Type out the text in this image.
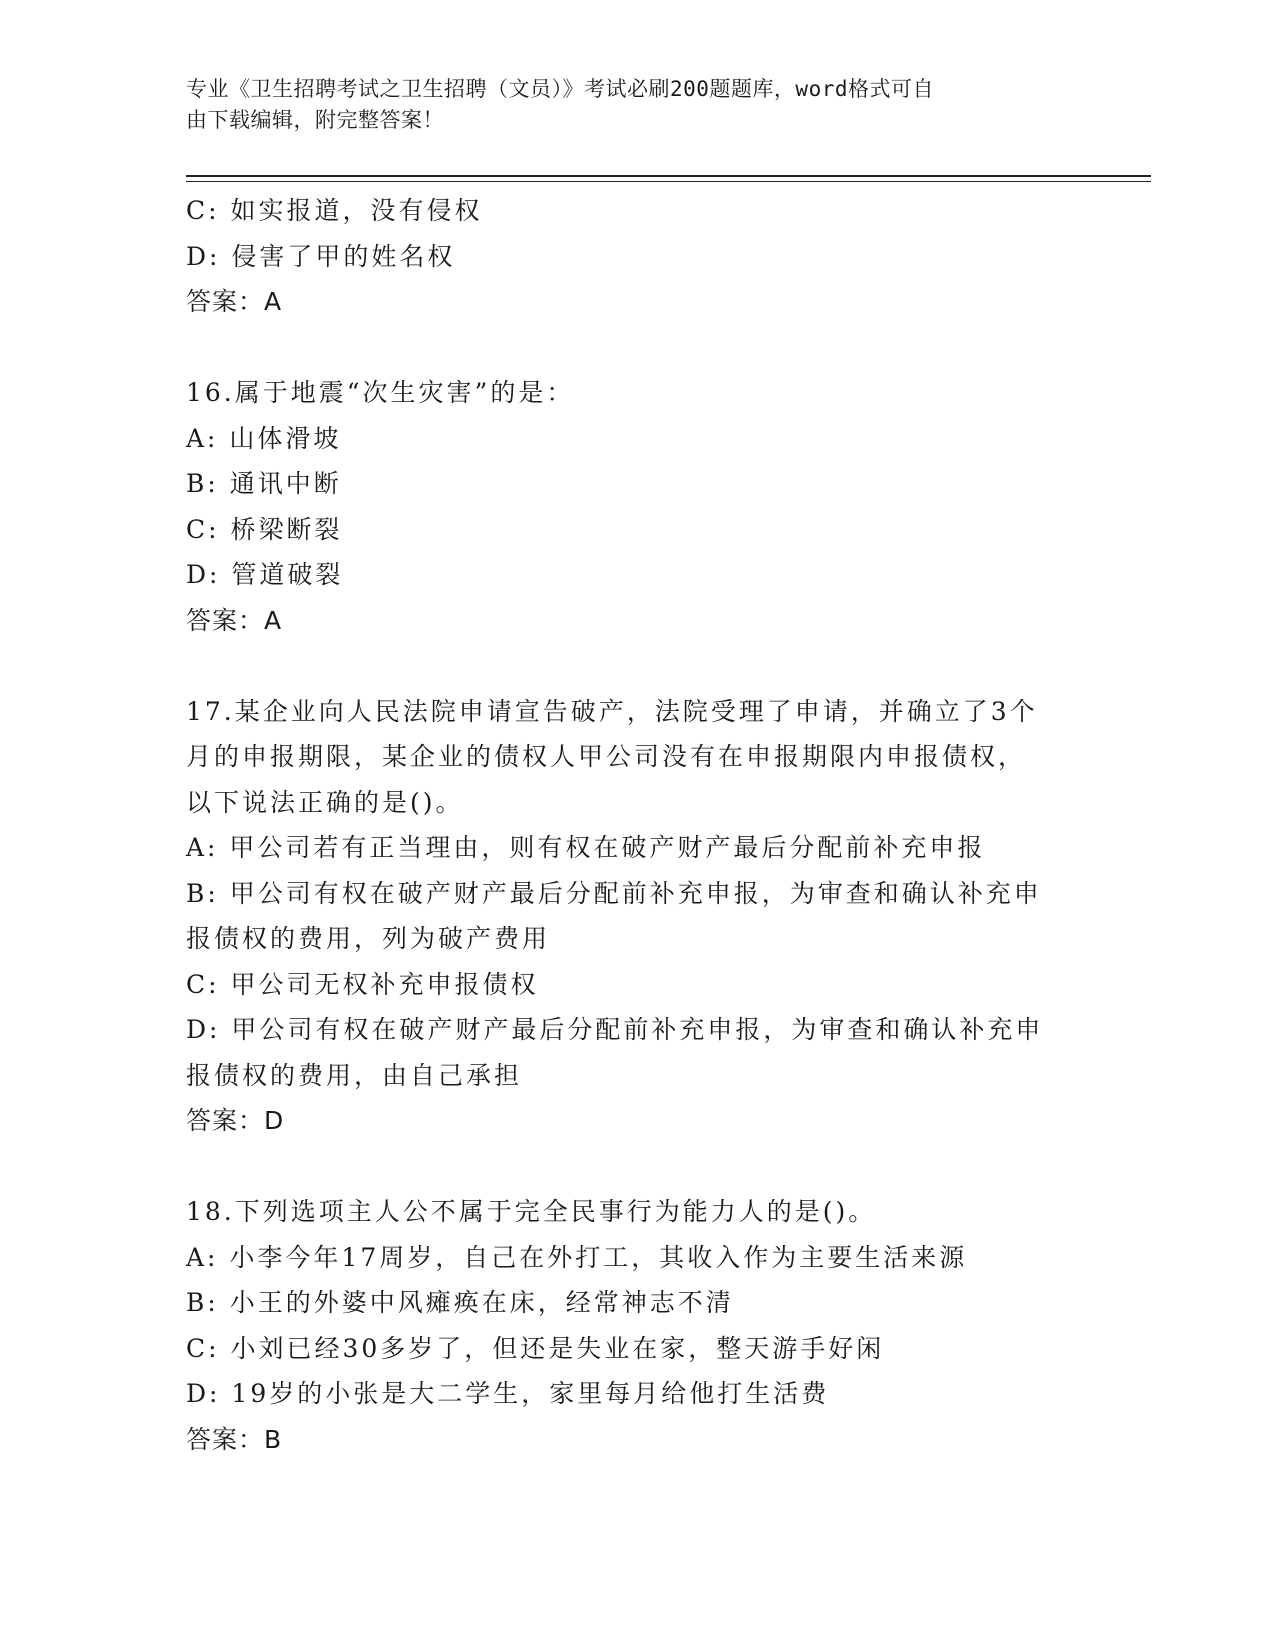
专业《卫生招聘考试之卫生招聘（文员）》考试必刷200题题库，word格式可自
由下载编辑，附完整答案！
C: 如实报道，没有侵权
D: 侵害了甲的姓名权
答案：A
16.属于地震“次生灾害”的是：
A: 山体滑坡
B: 通讯中断
C: 桥梁断裂
D: 管道破裂
答案：A
17.某企业向人民法院申请宣告破产，法院受理了申请，并确立了3个
月的申报期限，某企业的债权人甲公司没有在申报期限内申报债权，
以下说法正确的是()。
A: 甲公司若有正当理由，则有权在破产财产最后分配前补充申报
B: 甲公司有权在破产财产最后分配前补充申报，为审查和确认补充申
报债权的费用，列为破产费用
C: 甲公司无权补充申报债权
D: 甲公司有权在破产财产最后分配前补充申报，为审查和确认补充申
报债权的费用，由自己承担
答案：D
18.下列选项主人公不属于完全民事行为能力人的是()。
A: 小李今年17周岁，自己在外打工，其收入作为主要生活来源
B: 小王的外婆中风瘫痪在床，经常神志不清
C: 小刘已经30多岁了，但还是失业在家，整天游手好闲
D: 19岁的小张是大二学生，家里每月给他打生活费
答案：B
